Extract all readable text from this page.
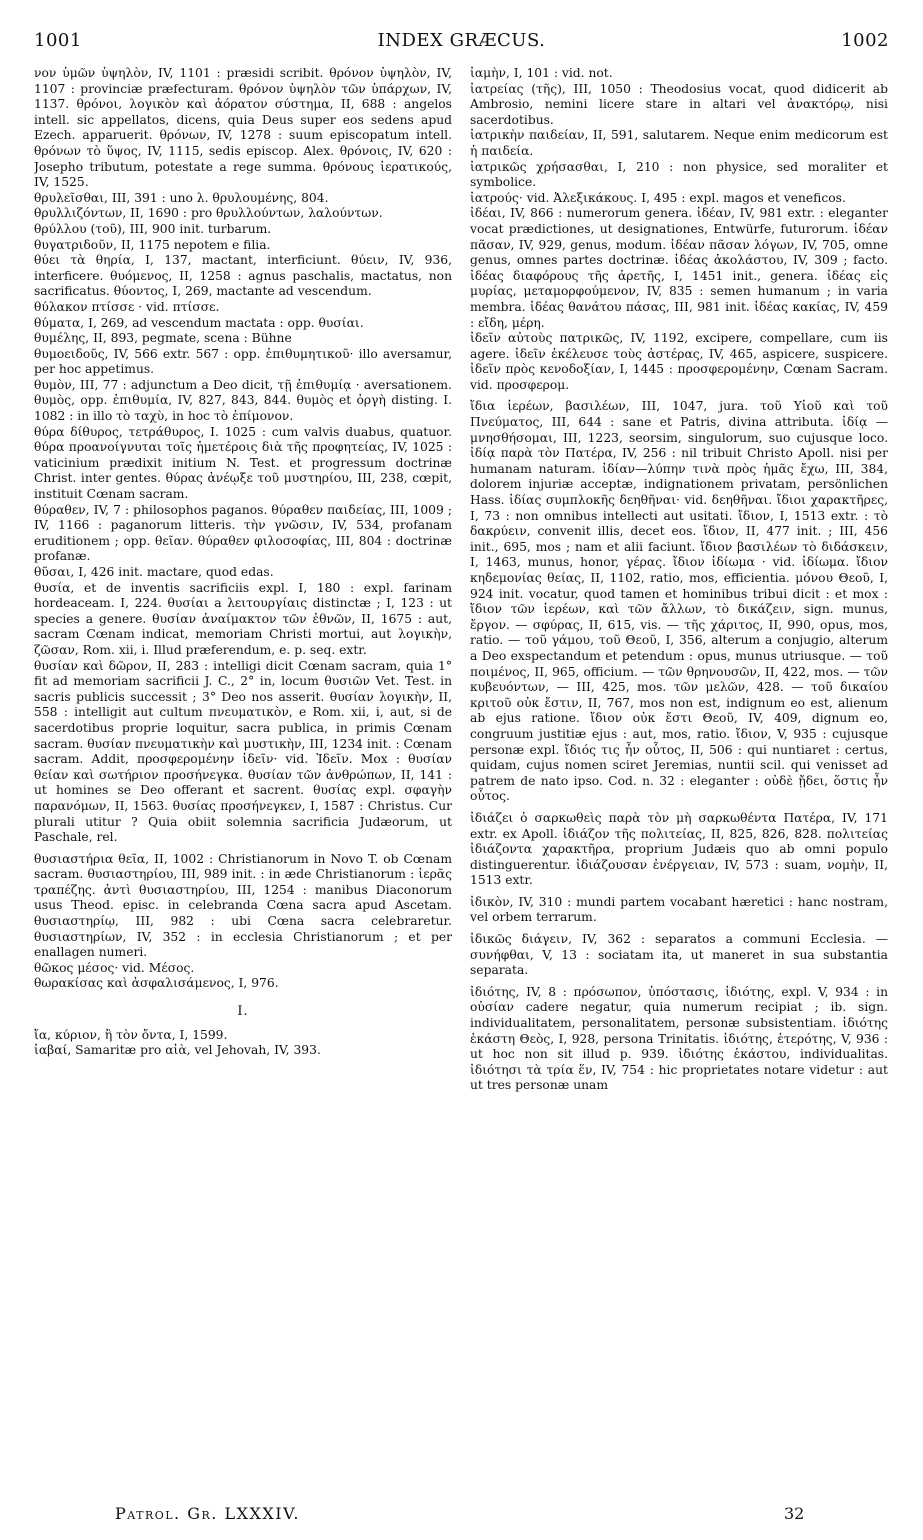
1001	INDEX GRÆCUS.	1002

νον ὑμῶν ὑψηλὸν, IV, 1101 : præsidi scribit. θρόνον ὑψηλὸν, IV, 1107 : provinciæ præfecturam. θρόνον ὑψηλὸν τῶν ὑπάρχων, IV, 1137. θρόνοι, λογικὸν καὶ ἀόρατον σύστημα, II, 688 : angelos intell. sic appellatos, dicens, quia Deus super eos sedens apud Ezech. apparuerit. θρόνων, IV, 1278 : suum episcopatum intell. θρόνων τὸ ὕψος, IV, 1115, sedis episcop. Alex. θρόνοις, IV, 620 : Josepho tributum, potestate a rege summa. θρόνους ἱερατικούς, IV, 1525.

θρυλεῖσθαι, III, 391 : uno λ. θρυλουμένης, 804.

θρυλλιζόντων, II, 1690 : pro θρυλλούντων, λαλούντων.

θρύλλου (τοῦ), III, 900 init. turbarum.

θυγατριδοῦν, II, 1175 nepotem e filia.

θύει τὰ θηρία, I, 137, mactant, interficiunt. θύειν, IV, 936, interficere. θυόμενος, II, 1258 : agnus paschalis, mactatus, non sacrificatus. θύοντος, I, 269, mactante ad vescendum.

θύλακον πτίσσε · vid. πτίσσε.

θύματα, I, 269, ad vescendum mactata : opp. θυσίαι.

θυμέλης, II, 893, pegmate, scena : Bühne

θυμοειδοῦς, IV, 566 extr. 567 : opp. ἐπιθυμητικοῦ· illo aversamur, per hoc appetimus.

θυμὸν, III, 77 : adjunctum a Deo dicit, τῇ ἐπιθυμίᾳ · aversationem. θυμὸς, opp. ἐπιθυμία, IV, 827, 843, 844. θυμὸς et ὀργὴ disting. I. 1082 : in illo τὸ ταχὺ, in hoc τὸ ἐπίμονον.

θύρα δίθυρος, τετράθυρος, I. 1025 : cum valvis duabus, quatuor. θύρα προανοίγνυται τοῖς ἡμετέροις διὰ τῆς προφητείας, IV, 1025 : vaticinium prædixit initium N. Test. et progressum doctrinæ Christ. inter gentes. θύρας ἀνέῳξε τοῦ μυστηρίου, III, 238, cœpit, instituit Cœnam sacram.

θύραθεν, IV, 7 : philosophos paganos. θύραθεν παιδείας, III, 1009 ; IV, 1166 : paganorum litteris. τὴν γνῶσιν, IV, 534, profanam eruditionem ; opp. θεῖαν. θύραθεν φιλοσοφίας, III, 804 : doctrinæ profanæ.

θῦσαι, I, 426 init. mactare, quod edas.

θυσία, et de inventis sacrificiis expl. I, 180 : expl. farinam hordeaceam. I, 224. θυσίαι a λειτουργίαις distinctæ ; I, 123 : ut species a genere. θυσίαν ἀναίμακτον τῶν ἐθνῶν, II, 1675 : aut, sacram Cœnam indicat, memoriam Christi mortui, aut λογικὴν, ζῶσαν, Rom. xii, i. Illud præferendum, e. p. seq. extr.

θυσίαν καὶ δῶρον, II, 283 : intelligi dicit Cœnam sacram, quia 1° fit ad memoriam sacrificii J. C., 2° in, locum θυσιῶν Vet. Test. in sacris publicis successit ; 3° Deo nos asserit. θυσίαν λογικὴν, II, 558 : intelligit aut cultum πνευματικὸν, e Rom. xii, i, aut, si de sacerdotibus proprie loquitur, sacra publica, in primis Cœnam sacram. θυσίαν πνευματικὴν καὶ μυστικὴν, III, 1234 init. : Cœnam sacram. Addit, προσφερομένην ἰδεῖν· vid. Ἰδεῖν. Mox : θυσίαν θείαν καὶ σωτήριον προσήνεγκα. θυσίαν τῶν ἀνθρώπων, II, 141 : ut homines se Deo offerant et sacrent. θυσίας expl. σφαγὴν παρανόμων, II, 1563. θυσίας προσήνεγκεν, I, 1587 : Christus. Cur plurali utitur ? Quia obiit solemnia sacrificia Judæorum, ut Paschale, rel.

θυσιαστήρια θεῖα, II, 1002 : Christianorum in Novo T. ob Cœnam sacram. θυσιαστηρίου, III, 989 init. : in æde Christianorum : ἱερᾶς τραπέζης. ἀντὶ θυσιαστηρίου, III, 1254 : manibus Diaconorum usus Theod. episc. in celebranda Cœna sacra apud Ascetam. θυσιαστηρίῳ, III, 982 : ubi Cœna sacra celebraretur. θυσιαστηρίων, IV, 352 : in ecclesia Christianorum ; et per enallagen numeri.

θῶκος μέσος· vid. Μέσος.

θωρακίσας καὶ ἀσφαλισάμενος, I, 976.

I.

ἴα, κύριον, ἢ τὸν ὄντα, I, 1599.

ἰαβαί, Samaritæ pro αἰὰ, vel Jehovah, IV, 393.

ἰαμὴν, I, 101 : vid. not.

ἰατρείας (τῆς), III, 1050 : Theodosius vocat, quod didicerit ab Ambrosio, nemini licere stare in altari vel ἀνακτόρῳ, nisi sacerdotibus.

ἰατρικὴν παιδείαν, II, 591, salutarem. Neque enim medicorum est ἡ παιδεία.

ἰατρικῶς χρήσασθαι, I, 210 : non physice, sed moraliter et symbolice.

ἰατρούς· vid. Ἀλεξικάκους. I, 495 : expl. magos et veneficos.

ἰδέαι, IV, 866 : numerorum genera. ἰδέαν, IV, 981 extr. : eleganter vocat prædictiones, ut designationes, Entwürfe, futurorum. ἰδέαν πᾶσαν, IV, 929, genus, modum. ἰδέαν πᾶσαν λόγων, IV, 705, omne genus, omnes partes doctrinæ. ἰδέας ἀκολάστου, IV, 309 ; facto. ἰδέας διαφόρους τῆς ἀρετῆς, I, 1451 init., genera. ἰδέας εἰς μυρίας, μεταμορφούμενον, IV, 835 : semen humanum ; in varia membra. ἰδέας θανάτου πάσας, III, 981 init. ἰδέας κακίας, IV, 459 : εἴδη, μέρη.

ἰδεῖν αὐτοὺς πατρικῶς, IV, 1192, excipere, compellare, cum iis agere. ἰδεῖν ἐκέλευσε τοὺς ἀστέρας, IV, 465, aspicere, suspicere. ἰδεῖν πρὸς κενοδοξίαν, I, 1445 : προσφερομένην, Cœnam Sacram. vid. προσφερομ.

ἴδια ἱερέων, βασιλέων, III, 1047, jura. τοῦ Υἱοῦ καὶ τοῦ Πνεύματος, III, 644 : sane et Patris, divina attributa. ἰδίᾳ — μνησθήσομαι, III, 1223, seorsim, singulorum, suo cujusque loco. ἰδίᾳ παρὰ τὸν Πατέρα, IV, 256 : nil tribuit Christo Apoll. nisi per humanam naturam. ἰδίαν—λύπην τινὰ πρὸς ἡμᾶς ἔχω, III, 384, dolorem injuriæ acceptæ, indignationem privatam, persönlichen Hass. ἰδίας συμπλοκῆς δεηθῆναι· vid. δεηθῆναι. ἴδιοι χαρακτῆρες, I, 73 : non omnibus intellecti aut usitati. ἴδιον, I, 1513 extr. : τὸ δακρύειν, convenit illis, decet eos. ἴδιον, II, 477 init. ; III, 456 init., 695, mos ; nam et alii faciunt. ἴδιον βασιλέων τὸ διδάσκειν, I, 1463, munus, honor, γέρας. ἴδιον ἰδίωμα · vid. ἰδίωμα. ἴδιον κηδεμονίας θείας, II, 1102, ratio, mos, efficientia. μόνου Θεοῦ, I, 924 init. vocatur, quod tamen et hominibus tribui dicit : et mox : ἴδιον τῶν ἱερέων, καὶ τῶν ἄλλων, τὸ δικάζειν, sign. munus, ἔργον. — σφύρας, II, 615, vis. — τῆς χάριτος, II, 990, opus, mos, ratio. — τοῦ γάμου, τοῦ Θεοῦ, I, 356, alterum a conjugio, alterum a Deo exspectandum et petendum : opus, munus utriusque. — τοῦ ποιμένος, II, 965, officium. — τῶν θρηνουσῶν, II, 422, mos. — τῶν κυβευόντων, — III, 425, mos. τῶν μελῶν, 428. — τοῦ δικαίου κριτοῦ οὐκ ἔστιν, II, 767, mos non est, indignum eo est, alienum ab ejus ratione. ἴδιον οὐκ ἔστι Θεοῦ, IV, 409, dignum eo, congruum justitiæ ejus : aut, mos, ratio. ἴδιον, V, 935 : cujusque personæ expl. ἴδιός τις ἦν οὗτος, II, 506 : qui nuntiaret : certus, quidam, cujus nomen sciret Jeremias, nuntii scil. qui venisset ad patrem de nato ipso. Cod. n. 32 : eleganter : οὐδὲ ᾔδει, ὅστις ἦν οὗτος.

ἰδιάζει ὁ σαρκωθεὶς παρὰ τὸν μὴ σαρκωθέντα Πατέρα, IV, 171 extr. ex Apoll. ἰδιάζον τῆς πολιτείας, II, 825, 826, 828. πολιτείας ἰδιάζοντα χαρακτῆρα, proprium Judæis quo ab omni populo distinguerentur. ἰδιάζουσαν ἐνέργειαν, IV, 573 : suam, νομὴν, II, 1513 extr.

ἰδικὸν, IV, 310 : mundi partem vocabant hæretici : hanc nostram, vel orbem terrarum.

ἰδικῶς διάγειν, IV, 362 : separatos a communi Ecclesia. — συνήφθαι, V, 13 : sociatam ita, ut maneret in sua substantia separata.

ἰδιότης, IV, 8 : πρόσωπον, ὑπόστασις, ἰδιότης, expl. V, 934 : in οὐσίαν cadere negatur, quia numerum recipiat ; ib. sign. individualitatem, personalitatem, personæ subsistentiam. ἰδιότης ἑκάστη Θεὸς, I, 928, persona Trinitatis. ἰδιότης, ἑτερότης, V, 936 : ut hoc non sit illud p. 939. ἰδιότης ἑκάστου, individualitas. ἰδιότησι τὰ τρία ἕν, IV, 754 : hic proprietates notare videtur : aut ut tres personæ unam

Patrol. Gr. LXXXIV.	32
